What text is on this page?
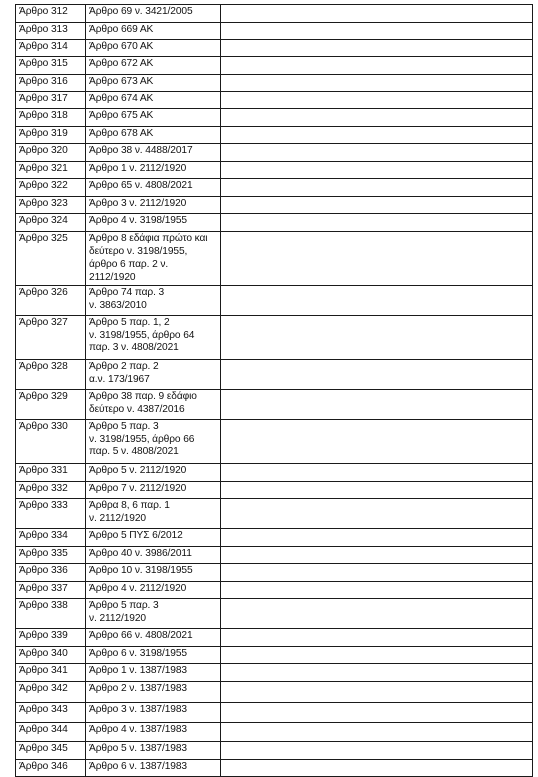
Άρθρο 312	Άρθρο 69 ν. 3421/2005	
Άρθρο 313	Άρθρο 669 ΑΚ	
Άρθρο 314	Άρθρο 670 ΑΚ	
Άρθρο 315	Άρθρο 672 ΑΚ	
Άρθρο 316	Άρθρο 673 ΑΚ	
Άρθρο 317	Άρθρο 674 ΑΚ	
Άρθρο 318	Άρθρο 675 ΑΚ	
Άρθρο 319	Άρθρο 678 ΑΚ	
Άρθρο 320	Άρθρο 38 ν. 4488/2017	
Άρθρο 321	Άρθρο 1 ν. 2112/1920	
Άρθρο 322	Άρθρο 65 ν. 4808/2021	
Άρθρο 323	Άρθρο 3 ν. 2112/1920	
Άρθρο 324	Άρθρο 4 ν. 3198/1955	
Άρθρο 325	Άρθρο 8 εδάφια πρώτο και
δεύτερο ν. 3198/1955,
άρθρο 6 παρ. 2 ν. 2112/1920	
Άρθρο 326	Άρθρο 74 παρ. 3
ν. 3863/2010	
Άρθρο 327	Άρθρο 5 παρ. 1, 2
ν. 3198/1955, άρθρο 64
παρ. 3 ν. 4808/2021	
Άρθρο 328	Άρθρο 2 παρ. 2
α.ν. 173/1967	
Άρθρο 329	Άρθρο 38 παρ. 9 εδάφιο
δεύτερο ν. 4387/2016	
Άρθρο 330	Άρθρο 5 παρ. 3
ν. 3198/1955, άρθρο 66
παρ. 5 ν. 4808/2021	
Άρθρο 331	Άρθρο 5 ν. 2112/1920	
Άρθρο 332	Άρθρο 7 ν. 2112/1920	
Άρθρο 333	Άρθρα 8, 6 παρ. 1
ν. 2112/1920	
Άρθρο 334	Άρθρο 5 ΠΥΣ 6/2012	
Άρθρο 335	Άρθρο 40 ν. 3986/2011	
Άρθρο 336	Άρθρο 10 ν. 3198/1955	
Άρθρο 337	Άρθρο 4 ν. 2112/1920	
Άρθρο 338	Άρθρο 5 παρ. 3
ν. 2112/1920	
Άρθρο 339	Άρθρο 66 ν. 4808/2021	
Άρθρο 340	Άρθρο 6 ν. 3198/1955	
Άρθρο 341	Άρθρο 1 ν. 1387/1983	
Άρθρο 342	Άρθρο 2 ν. 1387/1983	
Άρθρο 343	Άρθρο 3 ν. 1387/1983	
Άρθρο 344	Άρθρο 4 ν. 1387/1983	
Άρθρο 345	Άρθρο 5 ν. 1387/1983	
Άρθρο 346	Άρθρο 6 ν. 1387/1983	
